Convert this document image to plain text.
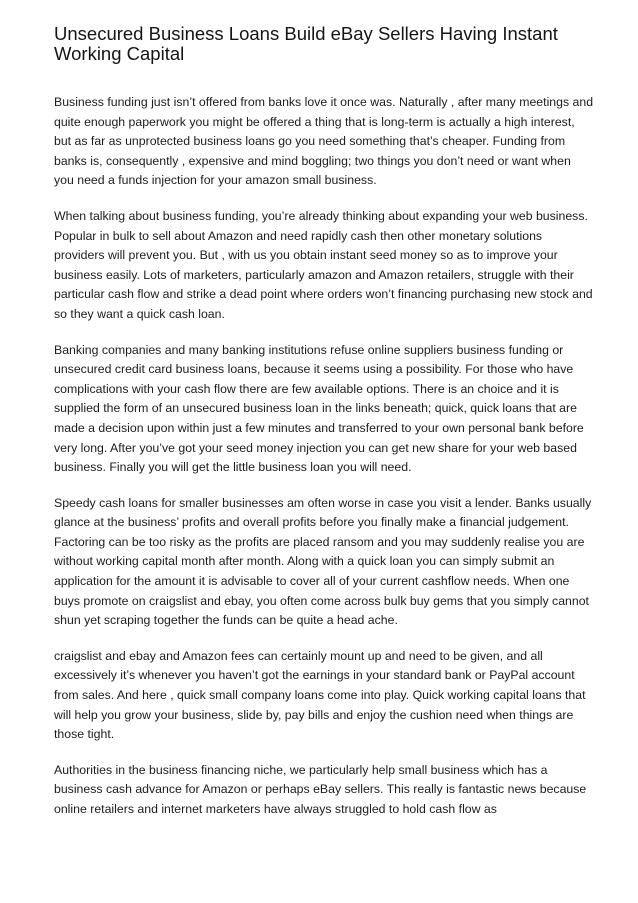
Unsecured Business Loans Build eBay Sellers Having Instant Working Capital

Business funding just isn’t offered from banks love it once was. Naturally , after many meetings and quite enough paperwork you might be offered a thing that is long-term is actually a high interest, but as far as unprotected business loans go you need something that’s cheaper. Funding from banks is, consequently , expensive and mind boggling; two things you don’t need or want when you need a funds injection for your amazon small business.

When talking about business funding, you’re already thinking about expanding your web business. Popular in bulk to sell about Amazon and need rapidly cash then other monetary solutions providers will prevent you. But , with us you obtain instant seed money so as to improve your business easily. Lots of marketers, particularly amazon and Amazon retailers, struggle with their particular cash flow and strike a dead point where orders won’t financing purchasing new stock and so they want a quick cash loan.

Banking companies and many banking institutions refuse online suppliers business funding or unsecured credit card business loans, because it seems using a possibility. For those who have complications with your cash flow there are few available options. There is an choice and it is supplied the form of an unsecured business loan in the links beneath; quick, quick loans that are made a decision upon within just a few minutes and transferred to your own personal bank before very long. After you’ve got your seed money injection you can get new share for your web based business. Finally you will get the little business loan you will need.

Speedy cash loans for smaller businesses am often worse in case you visit a lender. Banks usually glance at the business’ profits and overall profits before you finally make a financial judgement. Factoring can be too risky as the profits are placed ransom and you may suddenly realise you are without working capital month after month. Along with a quick loan you can simply submit an application for the amount it is advisable to cover all of your current cashflow needs. When one buys promote on craigslist and ebay, you often come across bulk buy gems that you simply cannot shun yet scraping together the funds can be quite a head ache.

craigslist and ebay and Amazon fees can certainly mount up and need to be given, and all excessively it’s whenever you haven’t got the earnings in your standard bank or PayPal account from sales. And here , quick small company loans come into play. Quick working capital loans that will help you grow your business, slide by, pay bills and enjoy the cushion need when things are those tight.

Authorities in the business financing niche, we particularly help small business which has a business cash advance for Amazon or perhaps eBay sellers. This really is fantastic news because online retailers and internet marketers have always struggled to hold cash flow as
